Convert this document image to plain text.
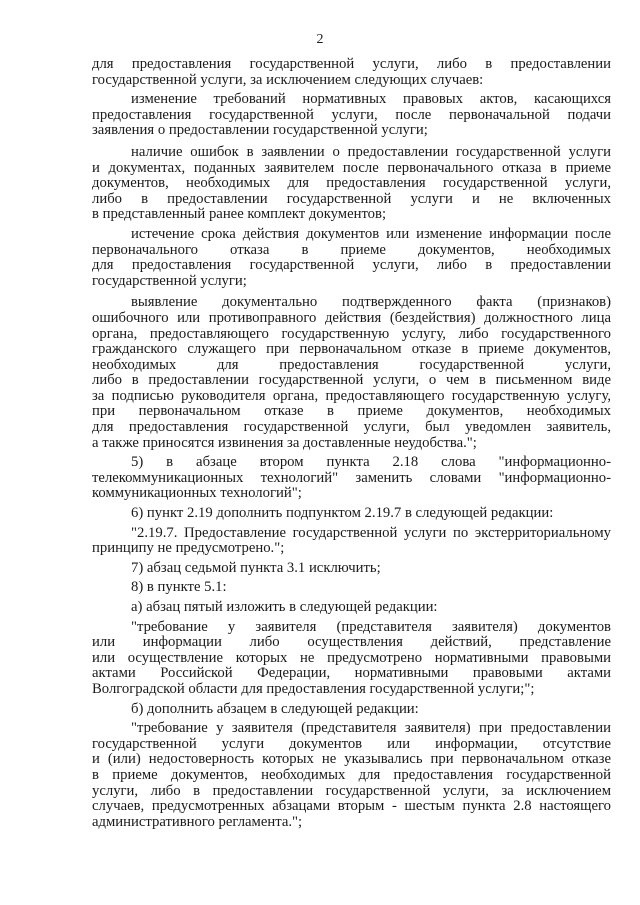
2
для предоставления государственной услуги, либо в предоставлении
государственной услуги, за исключением следующих случаев:
изменение требований нормативных правовых актов, касающихся
предоставления государственной услуги, после первоначальной подачи
заявления о предоставлении государственной услуги;
наличие ошибок в заявлении о предоставлении государственной услуги
и документах, поданных заявителем после первоначального отказа в приеме
документов, необходимых для предоставления государственной услуги,
либо в предоставлении государственной услуги и не включенных
в представленный ранее комплект документов;
истечение срока действия документов или изменение информации после
первоначального отказа в приеме документов, необходимых
для предоставления государственной услуги, либо в предоставлении
государственной услуги;
выявление документально подтвержденного факта (признаков)
ошибочного или противоправного действия (бездействия) должностного лица
органа, предоставляющего государственную услугу, либо государственного
гражданского служащего при первоначальном отказе в приеме документов,
необходимых для предоставления государственной услуги,
либо в предоставлении государственной услуги, о чем в письменном виде
за подписью руководителя органа, предоставляющего государственную услугу,
при первоначальном отказе в приеме документов, необходимых
для предоставления государственной услуги, был уведомлен заявитель,
а также приносятся извинения за доставленные неудобства.";
5) в абзаце втором пункта 2.18 слова "информационно-
телекоммуникационных технологий" заменить словами "информационно-
коммуникационных технологий";
6) пункт 2.19 дополнить подпунктом 2.19.7 в следующей редакции:
"2.19.7. Предоставление государственной услуги по экстерриториальному
принципу не предусмотрено.";
7) абзац седьмой пункта 3.1 исключить;
8) в пункте 5.1:
а) абзац пятый изложить в следующей редакции:
"требование у заявителя (представителя заявителя) документов
или информации либо осуществления действий, представление
или осуществление которых не предусмотрено нормативными правовыми
актами Российской Федерации, нормативными правовыми актами
Волгоградской области для предоставления государственной услуги;";
б) дополнить абзацем в следующей редакции:
"требование у заявителя (представителя заявителя) при предоставлении
государственной услуги документов или информации, отсутствие
и (или) недостоверность которых не указывались при первоначальном отказе
в приеме документов, необходимых для предоставления государственной
услуги, либо в предоставлении государственной услуги, за исключением
случаев, предусмотренных абзацами вторым - шестым пункта 2.8 настоящего
административного регламента.";
